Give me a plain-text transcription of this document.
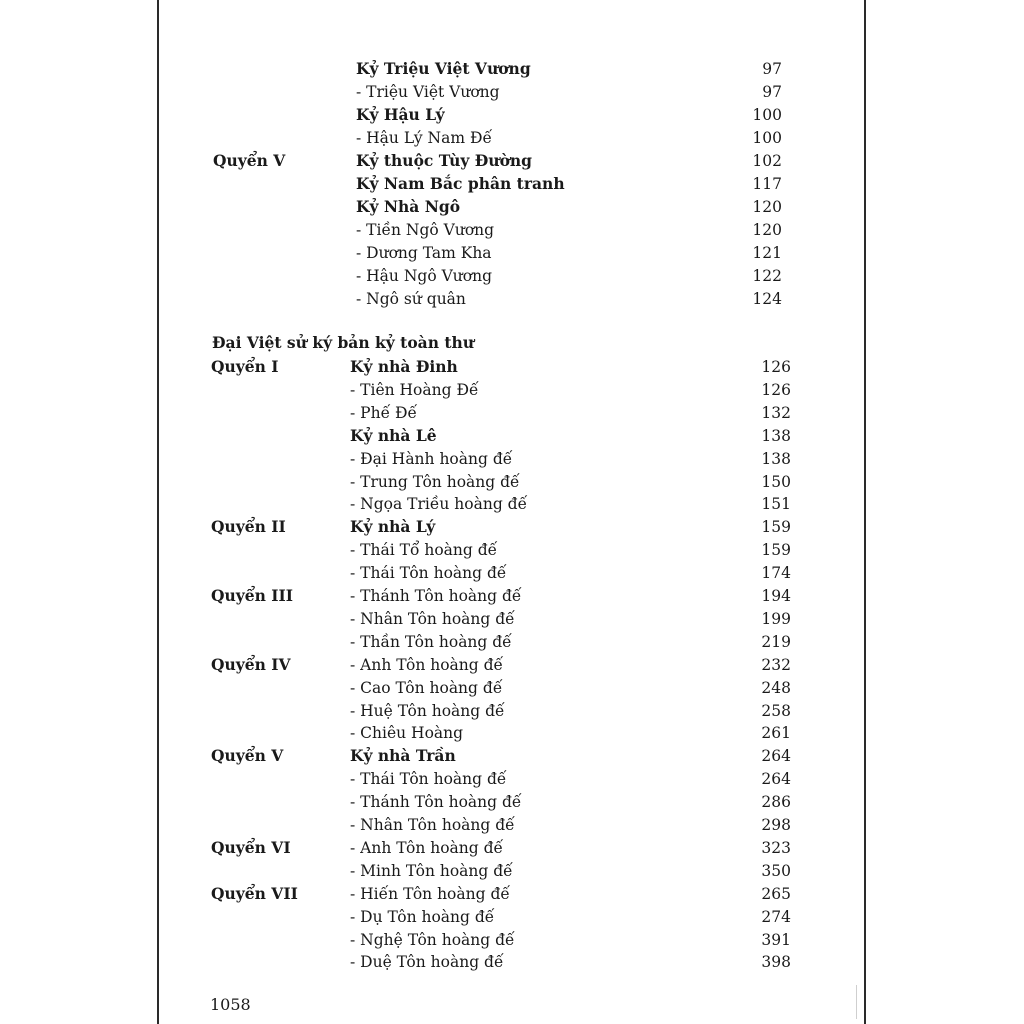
Kỷ Triệu Việt Vương	97
- Triệu Việt Vương	97
Kỷ Hậu Lý	100
- Hậu Lý Nam Đế	100
Quyển V	Kỷ thuộc Tùy Đường	102
Kỷ Nam Bắc phân tranh	117
Kỷ Nhà Ngô	120
- Tiền Ngô Vương	120
- Dương Tam Kha	121
- Hậu Ngô Vương	122
- Ngô sứ quân	124
Đại Việt sử ký bản kỷ toàn thư
Quyển I	Kỷ nhà Đinh	126
- Tiên Hoàng Đế	126
- Phế Đế	132
Kỷ nhà Lê	138
- Đại Hành hoàng đế	138
- Trung Tôn hoàng đế	150
- Ngọa Triều hoàng đế	151
Quyển II	Kỷ nhà Lý	159
- Thái Tổ hoàng đế	159
- Thái Tôn hoàng đế	174
Quyển III	- Thánh Tôn hoàng đế	194
- Nhân Tôn hoàng đế	199
- Thần Tôn hoàng đế	219
Quyển IV	- Anh Tôn hoàng đế	232
- Cao Tôn hoàng đế	248
- Huệ Tôn hoàng đế	258
- Chiêu Hoàng	261
Quyển V	Kỷ nhà Trần	264
- Thái Tôn hoàng đế	264
- Thánh Tôn hoàng đế	286
- Nhân Tôn hoàng đế	298
Quyển VI	- Anh Tôn hoàng đế	323
- Minh Tôn hoàng đế	350
Quyển VII	- Hiến Tôn hoàng đế	265
- Dụ Tôn hoàng đế	274
- Nghệ Tôn hoàng đế	391
- Duệ Tôn hoàng đế	398
1058
